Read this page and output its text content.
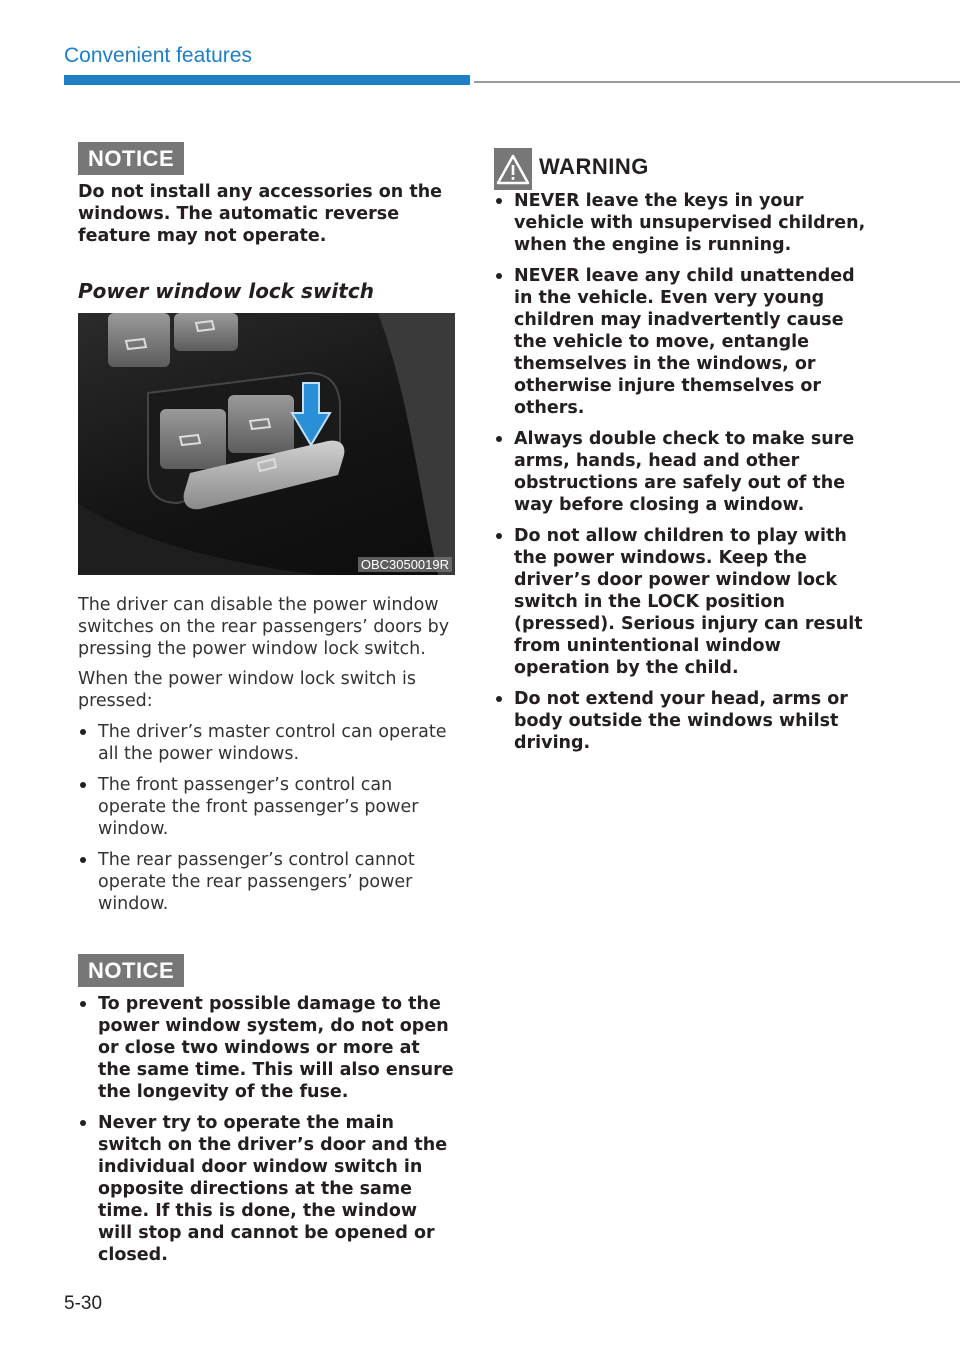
Convenient features
NOTICE

Do not install any accessories on the windows. The automatic reverse feature may not operate.

Power window lock switch
OBC3050019R

The driver can disable the power window switches on the rear passengers’ doors by pressing the power window lock switch.

When the power window lock switch is pressed:

The driver’s master control can operate all the power windows.
The front passenger’s control can operate the front passenger’s power window.
The rear passenger’s control cannot operate the rear passengers’ power window.
NOTICE
To prevent possible damage to the power window system, do not open or close two windows or more at the same time. This will also ensure the longevity of the fuse.
Never try to operate the main switch on the driver’s door and the individual door window switch in opposite directions at the same time. If this is done, the window will stop and cannot be opened or closed.
WARNING
NEVER leave the keys in your vehicle with unsupervised children, when the engine is running.
NEVER leave any child unattended in the vehicle. Even very young children may inadvertently cause the vehicle to move, entangle themselves in the windows, or otherwise injure themselves or others.
Always double check to make sure arms, hands, head and other obstructions are safely out of the way before closing a window.
Do not allow children to play with the power windows. Keep the driver’s door power window lock switch in the LOCK position (pressed). Serious injury can result from unintentional window operation by the child.
Do not extend your head, arms or body outside the windows whilst driving.
5-30
